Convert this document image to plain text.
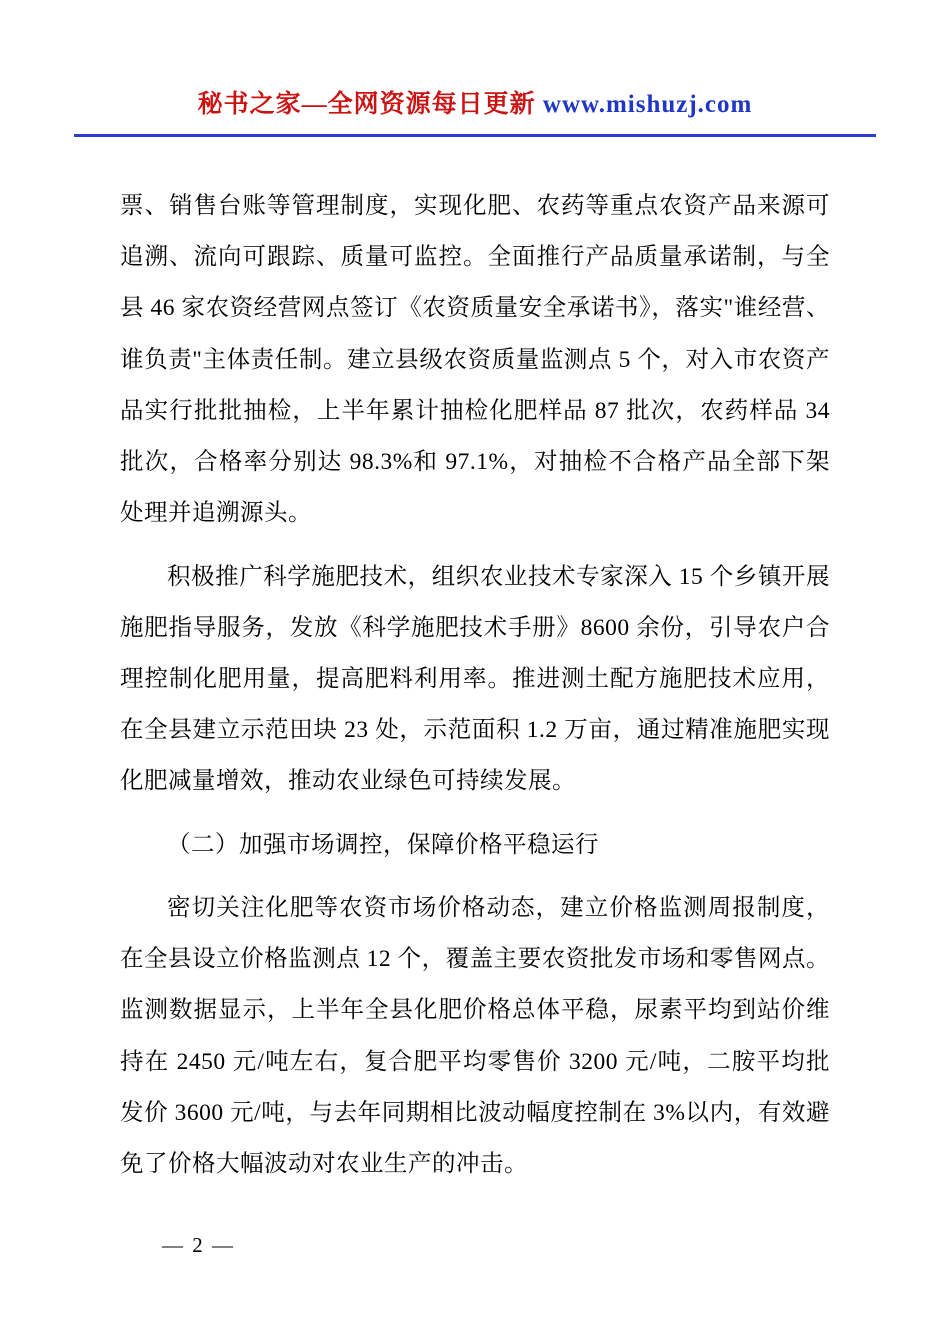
秘书之家—全网资源每日更新 www.mishuzj.com

票、销售台账等管理制度，实现化肥、农药等重点农资产品来源可追溯、流向可跟踪、质量可监控。全面推行产品质量承诺制，与全县 46 家农资经营网点签订《农资质量安全承诺书》，落实"谁经营、谁负责"主体责任制。建立县级农资质量监测点 5 个，对入市农资产品实行批批抽检，上半年累计抽检化肥样品 87 批次，农药样品 34 批次，合格率分别达 98.3%和 97.1%，对抽检不合格产品全部下架处理并追溯源头。

积极推广科学施肥技术，组织农业技术专家深入 15 个乡镇开展施肥指导服务，发放《科学施肥技术手册》8600 余份，引导农户合理控制化肥用量，提高肥料利用率。推进测土配方施肥技术应用，在全县建立示范田块 23 处，示范面积 1.2 万亩，通过精准施肥实现化肥减量增效，推动农业绿色可持续发展。

（二）加强市场调控，保障价格平稳运行

密切关注化肥等农资市场价格动态，建立价格监测周报制度，在全县设立价格监测点 12 个，覆盖主要农资批发市场和零售网点。监测数据显示，上半年全县化肥价格总体平稳，尿素平均到站价维持在 2450 元/吨左右，复合肥平均零售价 3200 元/吨，二胺平均批发价 3600 元/吨，与去年同期相比波动幅度控制在 3%以内，有效避免了价格大幅波动对农业生产的冲击。

— 2 —
